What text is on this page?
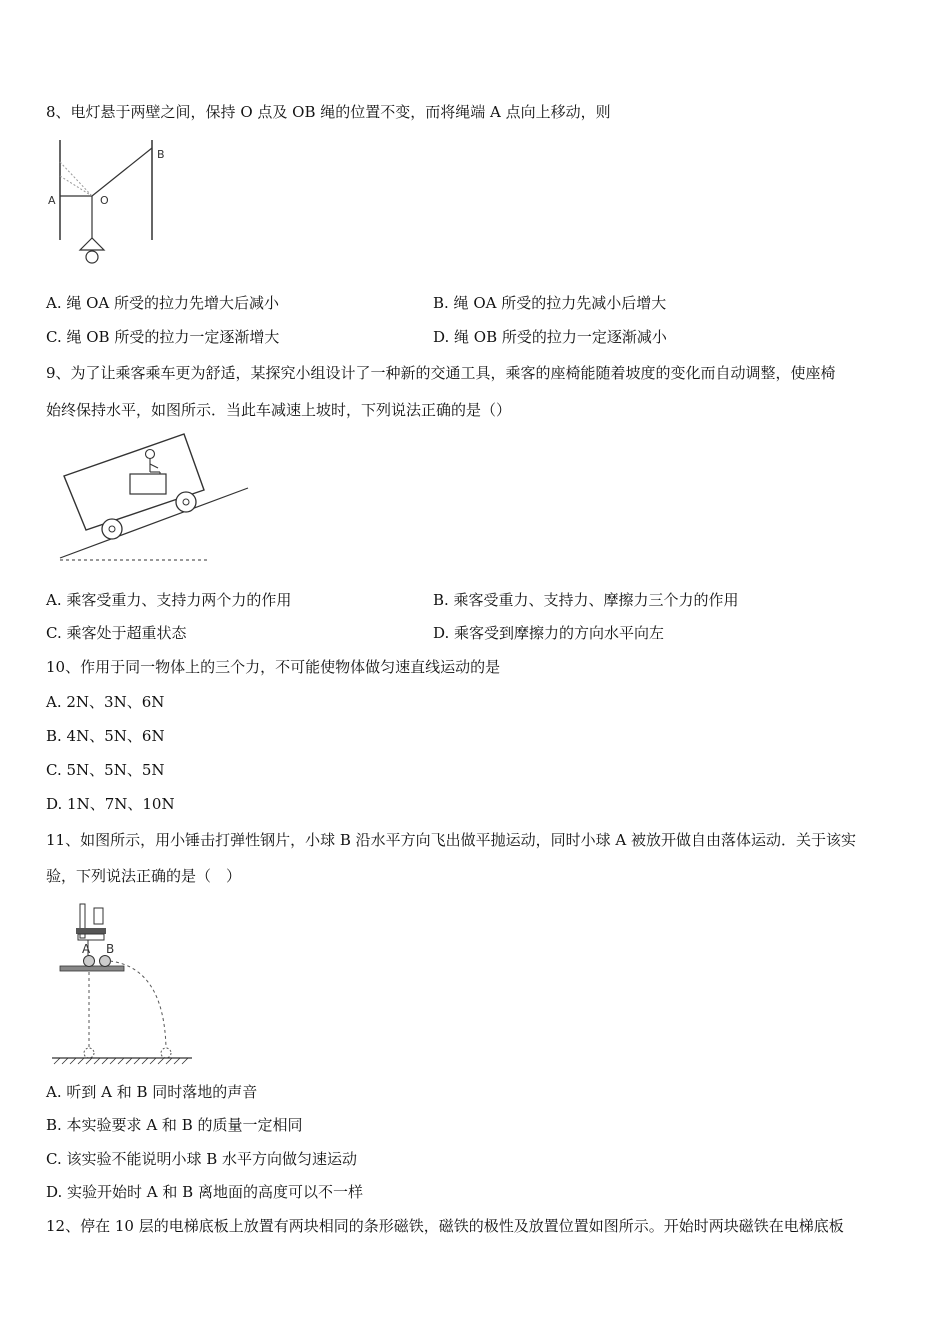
8、电灯悬于两壁之间，保持 O 点及 OB 绳的位置不变，而将绳端 A 点向上移动，则
A	O
B
A. 绳 OA 所受的拉力先增大后减小	B. 绳 OA 所受的拉力先减小后增大
C. 绳 OB 所受的拉力一定逐渐增大	D. 绳 OB 所受的拉力一定逐渐减小
9、为了让乘客乘车更为舒适，某探究小组设计了一种新的交通工具，乘客的座椅能随着坡度的变化而自动调整，使座椅
始终保持水平，如图所示．当此车减速上坡时，下列说法正确的是（）
A. 乘客受重力、支持力两个力的作用	B. 乘客受重力、支持力、摩擦力三个力的作用
C. 乘客处于超重状态	D. 乘客受到摩擦力的方向水平向左
10、作用于同一物体上的三个力，不可能使物体做匀速直线运动的是
A. 2N、3N、6N
B. 4N、5N、6N
C. 5N、5N、5N
D. 1N、7N、10N
11、如图所示，用小锤击打弹性钢片，小球 B 沿水平方向飞出做平抛运动，同时小球 A 被放开做自由落体运动．关于该实
验，下列说法正确的是（　）
A B
A. 听到 A 和 B 同时落地的声音
B. 本实验要求 A 和 B 的质量一定相同
C. 该实验不能说明小球 B 水平方向做匀速运动
D. 实验开始时 A 和 B 离地面的高度可以不一样
12、停在 10 层的电梯底板上放置有两块相同的条形磁铁，磁铁的极性及放置位置如图所示。开始时两块磁铁在电梯底板
